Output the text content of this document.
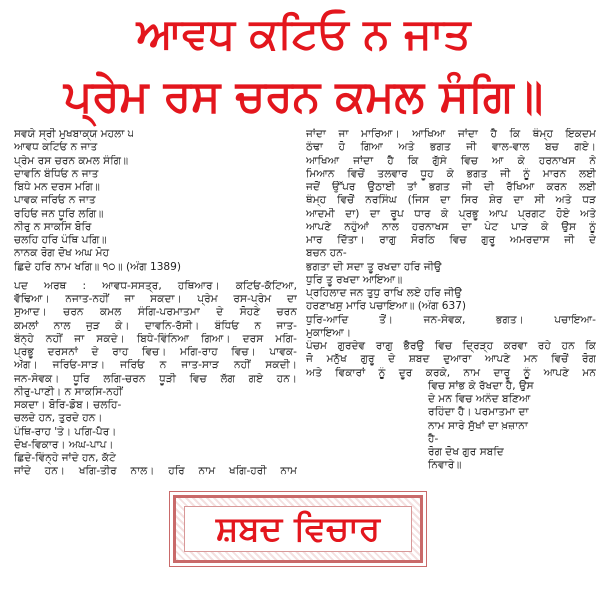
ਆਵਧ ਕਟਿਓ ਨ ਜਾਤ
ਪ੍ਰੇਮ ਰਸ ਚਰਨ ਕਮਲ ਸੰਗਿ॥
ਸਵਯੇ ਸ੍ਰੀ ਮੁਖਬਾਕ੍ਯ ਮਹਲਾ ੫
ਆਵਧ ਕਟਿਓ ਨ ਜਾਤ
ਪ੍ਰੇਮ ਰਸ ਚਰਨ ਕਮਲ ਸੰਗਿ॥
ਦਾਵਨਿ ਬੰਧਿਓ ਨ ਜਾਤ
ਬਿਧੇ ਮਨ ਦਰਸ ਮਗਿ॥
ਪਾਵਕ ਜਰਿਓ ਨ ਜਾਤ
ਰਹਿਓ ਜਨ ਧੂਰਿ ਲਗਿ॥
ਨੀਰੁ ਨ ਸਾਕਸਿ ਬੋਰਿ
ਚਲਹਿ ਹਰਿ ਪੰਥਿ ਪਗਿ॥
ਨਾਨਕ ਰੋਗ ਦੋਖ ਅਘ ਮੋਹ
ਛਿਦੇ ਹਰਿ ਨਾਮ ਖਗਿ॥ ੧੦॥ (ਅੰਗ 1389)
ਪਦ ਅਰਥ : ਆਵਧ-ਸਸਤ੍ਰ, ਹਥਿਆਰ। ਕਟਿਓ-ਕੱਟਿਆ,
ਵੱਢਿਆ। ਨਜਾਤ-ਨਹੀਂ ਜਾ ਸਕਦਾ। ਪ੍ਰੇਮ ਰਸ-ਪ੍ਰੇਮ ਦਾ
ਸੁਆਦ। ਚਰਨ ਕਮਲ ਸੰਗਿ-ਪਰਮਾਤਮਾ ਦੇ ਸੋਹਣੇ ਚਰਨ
ਕਮਲਾਂ ਨਾਲ ਜੁੜ ਕੇ। ਦਾਵਨਿ-ਰੱਸੀ। ਬੰਧਿਓ ਨ ਜਾਤ-
ਬੰਨ੍ਹੇ ਨਹੀਂ ਜਾ ਸਕਦੇ। ਬਿਧੇ-ਵਿੰਨਿਆ ਗਿਆ। ਦਰਸ ਮਗਿ-
ਪ੍ਰਭੂ ਦਰਸਨਾਂ ਦੇ ਰਾਹ ਵਿਚ। ਮਗਿ-ਰਾਹ ਵਿਚ। ਪਾਵਕ-
ਅੱਗ। ਜਰਿਓ-ਸਾੜ। ਜਰਿਓ ਨ ਜਾਤ-ਸਾੜ ਨਹੀਂ ਸਕਦੀ।
ਜਨ-ਸੇਵਕ। ਧੂਰਿ ਲਗਿ-ਚਰਨ ਧੂੜੀ ਵਿਚ ਲੱਗ ਗਏ ਹਨ।
ਨੀਰੁ-ਪਾਣੀ। ਨ ਸਾਕਸਿ-ਨਹੀਂ
ਸਕਦਾ। ਬੋਰਿ-ਡੋਬ। ਚਲਹਿ-
ਚਲਦੇ ਹਨ, ਤੁਰਦੇ ਹਨ।
ਪੰਥਿ-ਰਾਹ 'ਤੇ। ਪਗਿ-ਪੈਰ।
ਦੋਖ-ਵਿਕਾਰ। ਅਘ-ਪਾਪ।
ਛਿਦੇ-ਵਿੰਨ੍ਹੇ ਜਾਂਦੇ ਹਨ, ਕੱਟੇ
ਜਾਂਦੇ ਹਨ। ਖਗਿ-ਤੀਰ ਨਾਲ। ਹਰਿ ਨਾਮ ਖਗਿ-ਹਰੀ ਨਾਮ
ਜਾਂਦਾ ਜਾ ਮਾਰਿਆ। ਆਖਿਆ ਜਾਂਦਾ ਹੈ ਕਿ ਥੰਮ੍ਹ ਇਕਦਮ
ਠੰਢਾ ਹੋ ਗਿਆ ਅਤੇ ਭਗਤ ਜੀ ਵਾਲ-ਵਾਲ ਬਚ ਗਏ।
ਆਖਿਆ ਜਾਂਦਾ ਹੈ ਕਿ ਗੁੱਸੇ ਵਿਚ ਆ ਕੇ ਹਰਨਾਖਸ ਨੇ
ਮਿਆਨ ਵਿਚੋਂ ਤਲਵਾਰ ਧੂਹ ਕੇ ਭਗਤ ਜੀ ਨੂੰ ਮਾਰਨ ਲਈ
ਜਦੋਂ ਉੱਪਰ ਉਠਾਈ ਤਾਂ ਭਗਤ ਜੀ ਦੀ ਰੱਖਿਆ ਕਰਨ ਲਈ
ਥੰਮ੍ਹ ਵਿਚੋਂ ਨਰਸਿੰਘ (ਜਿਸ ਦਾ ਸਿਰ ਸ਼ੇਰ ਦਾ ਸੀ ਅਤੇ ਧੜ
ਆਦਮੀ ਦਾ) ਦਾ ਰੂਪ ਧਾਰ ਕੇ ਪ੍ਰਭੂ ਆਪ ਪ੍ਰਗਟ ਹੋਏ ਅਤੇ
ਆਪਣੇ ਨਹੁੰਆਂ ਨਾਲ ਹਰਨਾਖਸ ਦਾ ਪੇਟ ਪਾੜ ਕੇ ਉਸ ਨੂੰ
ਮਾਰ ਦਿੱਤਾ। ਰਾਗੁ ਸੋਰਠਿ ਵਿਚ ਗੁਰੂ ਅਮਰਦਾਸ ਜੀ ਦੇ
ਬਚਨ ਹਨ-
ਭਗਤਾ ਦੀ ਸਦਾ ਤੂ ਰਖਦਾ ਹਰਿ ਜੀਉ
ਧੁਰਿ ਤੂ ਰਖਦਾ ਆਇਆ॥
ਪ੍ਰਹਿਲਾਦ ਜਨ ਤੁਧੁ ਰਾਖਿ ਲਏ ਹਰਿ ਜੀਉ
ਹਰਣਾਖਸੁ ਮਾਰਿ ਪਚਾਇਆ॥ (ਅੰਗ 637)
ਧੁਰਿ-ਆਦਿ ਤੋਂ। ਜਨ-ਸੇਵਕ, ਭਗਤ। ਪਚਾਇਆ-
ਮੁਕਾਇਆ।
ਪੰਚਮ ਗੁਰਦੇਵ ਰਾਗੁ ਭੈਰਉ ਵਿਚ ਦ੍ਰਿੜ੍ਹ ਕਰਵਾ ਰਹੇ ਹਨ ਕਿ
ਜੋ ਮਨੁੱਖ ਗੁਰੂ ਦੇ ਸ਼ਬਦ ਦੁਆਰਾ ਆਪਣੇ ਮਨ ਵਿਚੋਂ ਰੋਗ
ਅਤੇ ਵਿਕਾਰਾਂ ਨੂੰ ਦੂਰ ਕਰਕੇ, ਨਾਮ ਦਾਰੂ ਨੂੰ ਆਪਣੇ ਮਨ
ਵਿਚ ਸਾਂਭ ਕੇ ਰੱਖਦਾ ਹੈ, ਉਸ
ਦੇ ਮਨ ਵਿਚ ਅਨੰਦ ਬਣਿਆ
ਰਹਿੰਦਾ ਹੈ। ਪਰਮਾਤਮਾ ਦਾ
ਨਾਮ ਸਾਰੇ ਸੁੱਖਾਂ ਦਾ ਖ਼ਜ਼ਾਨਾ
ਹੈ-
ਰੋਗ ਦੋਖ ਗੁਰ ਸਬਦਿ
ਨਿਵਾਰੇ॥
ਸ਼ਬਦ ਵਿਚਾਰ
